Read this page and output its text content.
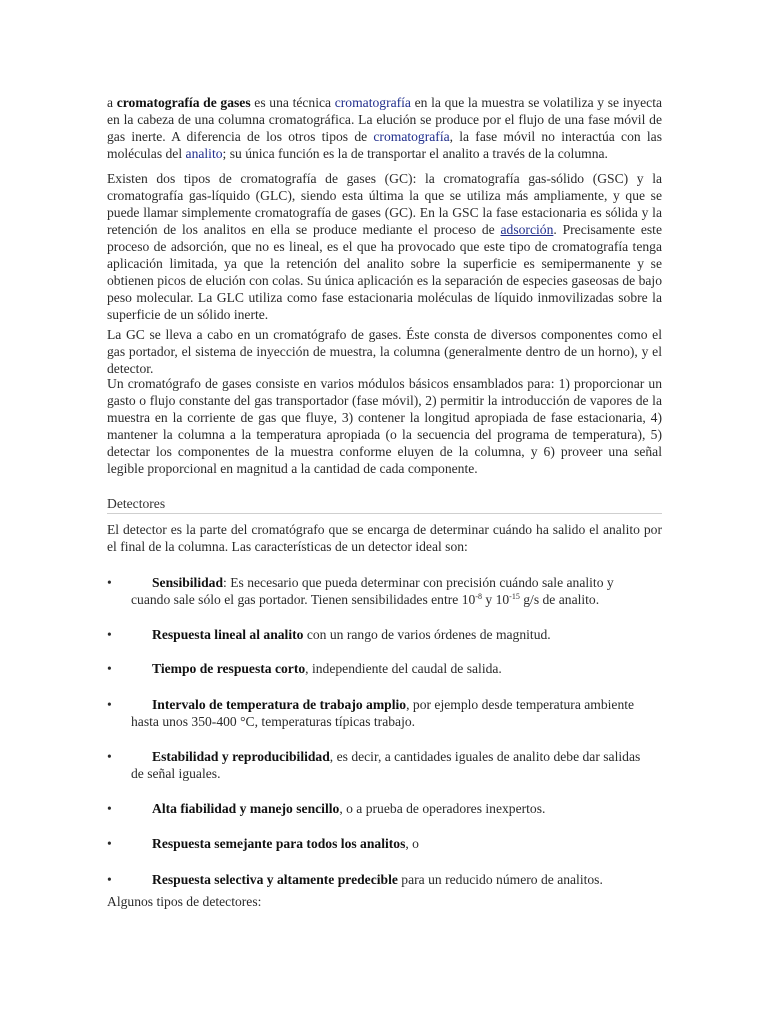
a cromatografía de gases es una técnica cromatografía en la que la muestra se volatiliza y se inyecta en la cabeza de una columna cromatográfica. La elución se produce por el flujo de una fase móvil de gas inerte. A diferencia de los otros tipos de cromatografía, la fase móvil no interactúa con las moléculas del analito; su única función es la de transportar el analito a través de la columna.

Existen dos tipos de cromatografía de gases (GC): la cromatografía gas-sólido (GSC) y la cromatografía gas-líquido (GLC), siendo esta última la que se utiliza más ampliamente, y que se puede llamar simplemente cromatografía de gases (GC). En la GSC la fase estacionaria es sólida y la retención de los analitos en ella se produce mediante el proceso de adsorción. Precisamente este proceso de adsorción, que no es lineal, es el que ha provocado que este tipo de cromatografía tenga aplicación limitada, ya que la retención del analito sobre la superficie es semipermanente y se obtienen picos de elución con colas. Su única aplicación es la separación de especies gaseosas de bajo peso molecular. La GLC utiliza como fase estacionaria moléculas de líquido inmovilizadas sobre la superficie de un sólido inerte.

La GC se lleva a cabo en un cromatógrafo de gases. Éste consta de diversos componentes como el gas portador, el sistema de inyección de muestra, la columna (generalmente dentro de un horno), y el detector.

Un cromatógrafo de gases consiste en varios módulos básicos ensamblados para: 1) proporcionar un gasto o flujo constante del gas transportador (fase móvil), 2) permitir la introducción de vapores de la muestra en la corriente de gas que fluye, 3) contener la longitud apropiada de fase estacionaria, 4) mantener la columna a la temperatura apropiada (o la secuencia del programa de temperatura), 5) detectar los componentes de la muestra conforme eluyen de la columna, y 6) proveer una señal legible proporcional en magnitud a la cantidad de cada componente.

Detectores

El detector es la parte del cromatógrafo que se encarga de determinar cuándo ha salido el analito por el final de la columna. Las características de un detector ideal son:

•	Sensibilidad: Es necesario que pueda determinar con precisión cuándo sale analito y
cuando sale sólo el gas portador. Tienen sensibilidades entre $10^{-8}$ y $10^{-15}$ g/s de analito.
•	Respuesta lineal al analito con un rango de varios órdenes de magnitud.
•	Tiempo de respuesta corto, independiente del caudal de salida.
•	Intervalo de temperatura de trabajo amplio, por ejemplo desde temperatura ambiente
hasta unos 350-400 °C, temperaturas típicas trabajo.
•	Estabilidad y reproducibilidad, es decir, a cantidades iguales de analito debe dar salidas
de señal iguales.
•	Alta fiabilidad y manejo sencillo, o a prueba de operadores inexpertos.
•	Respuesta semejante para todos los analitos, o
•	Respuesta selectiva y altamente predecible para un reducido número de analitos.

Algunos tipos de detectores:
